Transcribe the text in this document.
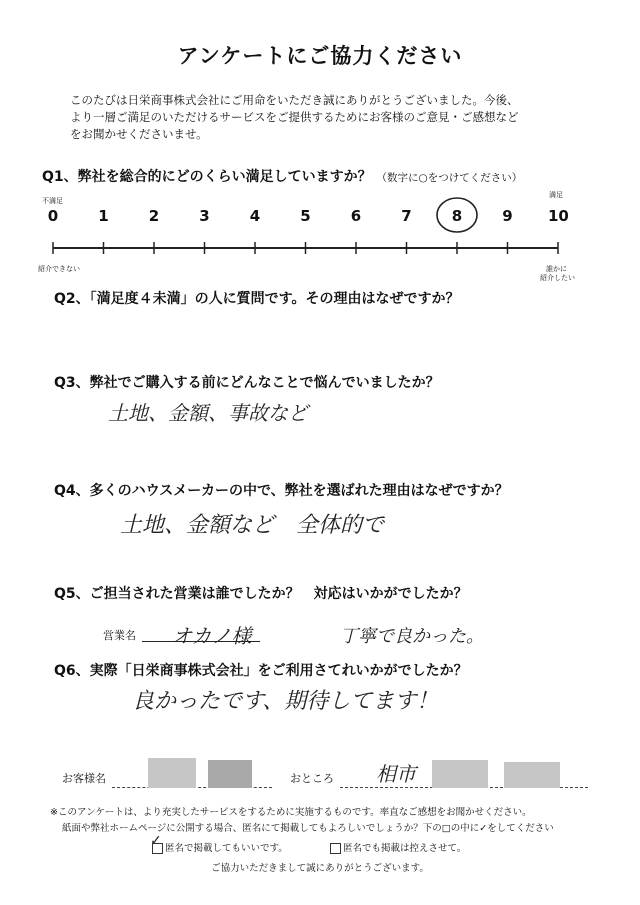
アンケートにご協力ください
このたびは日栄商事株式会社にご用命をいただき誠にありがとうございました。今後、
より一層ご満足のいただけるサービスをご提供するためにお客様のご意見・ご感想など
をお聞かせくださいませ。
Q1、弊社を総合的にどのくらい満足していますか？ （数字に○をつけてください）
不満足
満足
0	1	2	3	4	5	6	7	8	9	10
紹介できない	誰かに
紹介したい
Q2、「満足度４未満」の人に質問です。その理由はなぜですか？
Q3、弊社でご購入する前にどんなことで悩んでいましたか？
土地、金額、事故など
Q4、多くのハウスメーカーの中で、弊社を選ばれた理由はなぜですか？
土地、金額など　全体的で
Q5、ご担当された営業は誰でしたか？　対応はいかがでしたか？
営業名 オカノ様	丁寧で良かった。
Q6、実際「日栄商事株式会社」をご利用さてれいかがでしたか？
良かったです、期待してます！
お客様名	おところ 相市
※このアンケートは、より充実したサービスをするために実施するものです。率直なご感想をお聞かせください。
紙面や弊社ホームページに公開する場合、匿名にて掲載してもよろしいでしょうか？下の□の中に✓をしてください
匿名で掲載してもいいです。
✓	匿名でも掲載は控えさせて。
ご協力いただきまして誠にありがとうございます。
